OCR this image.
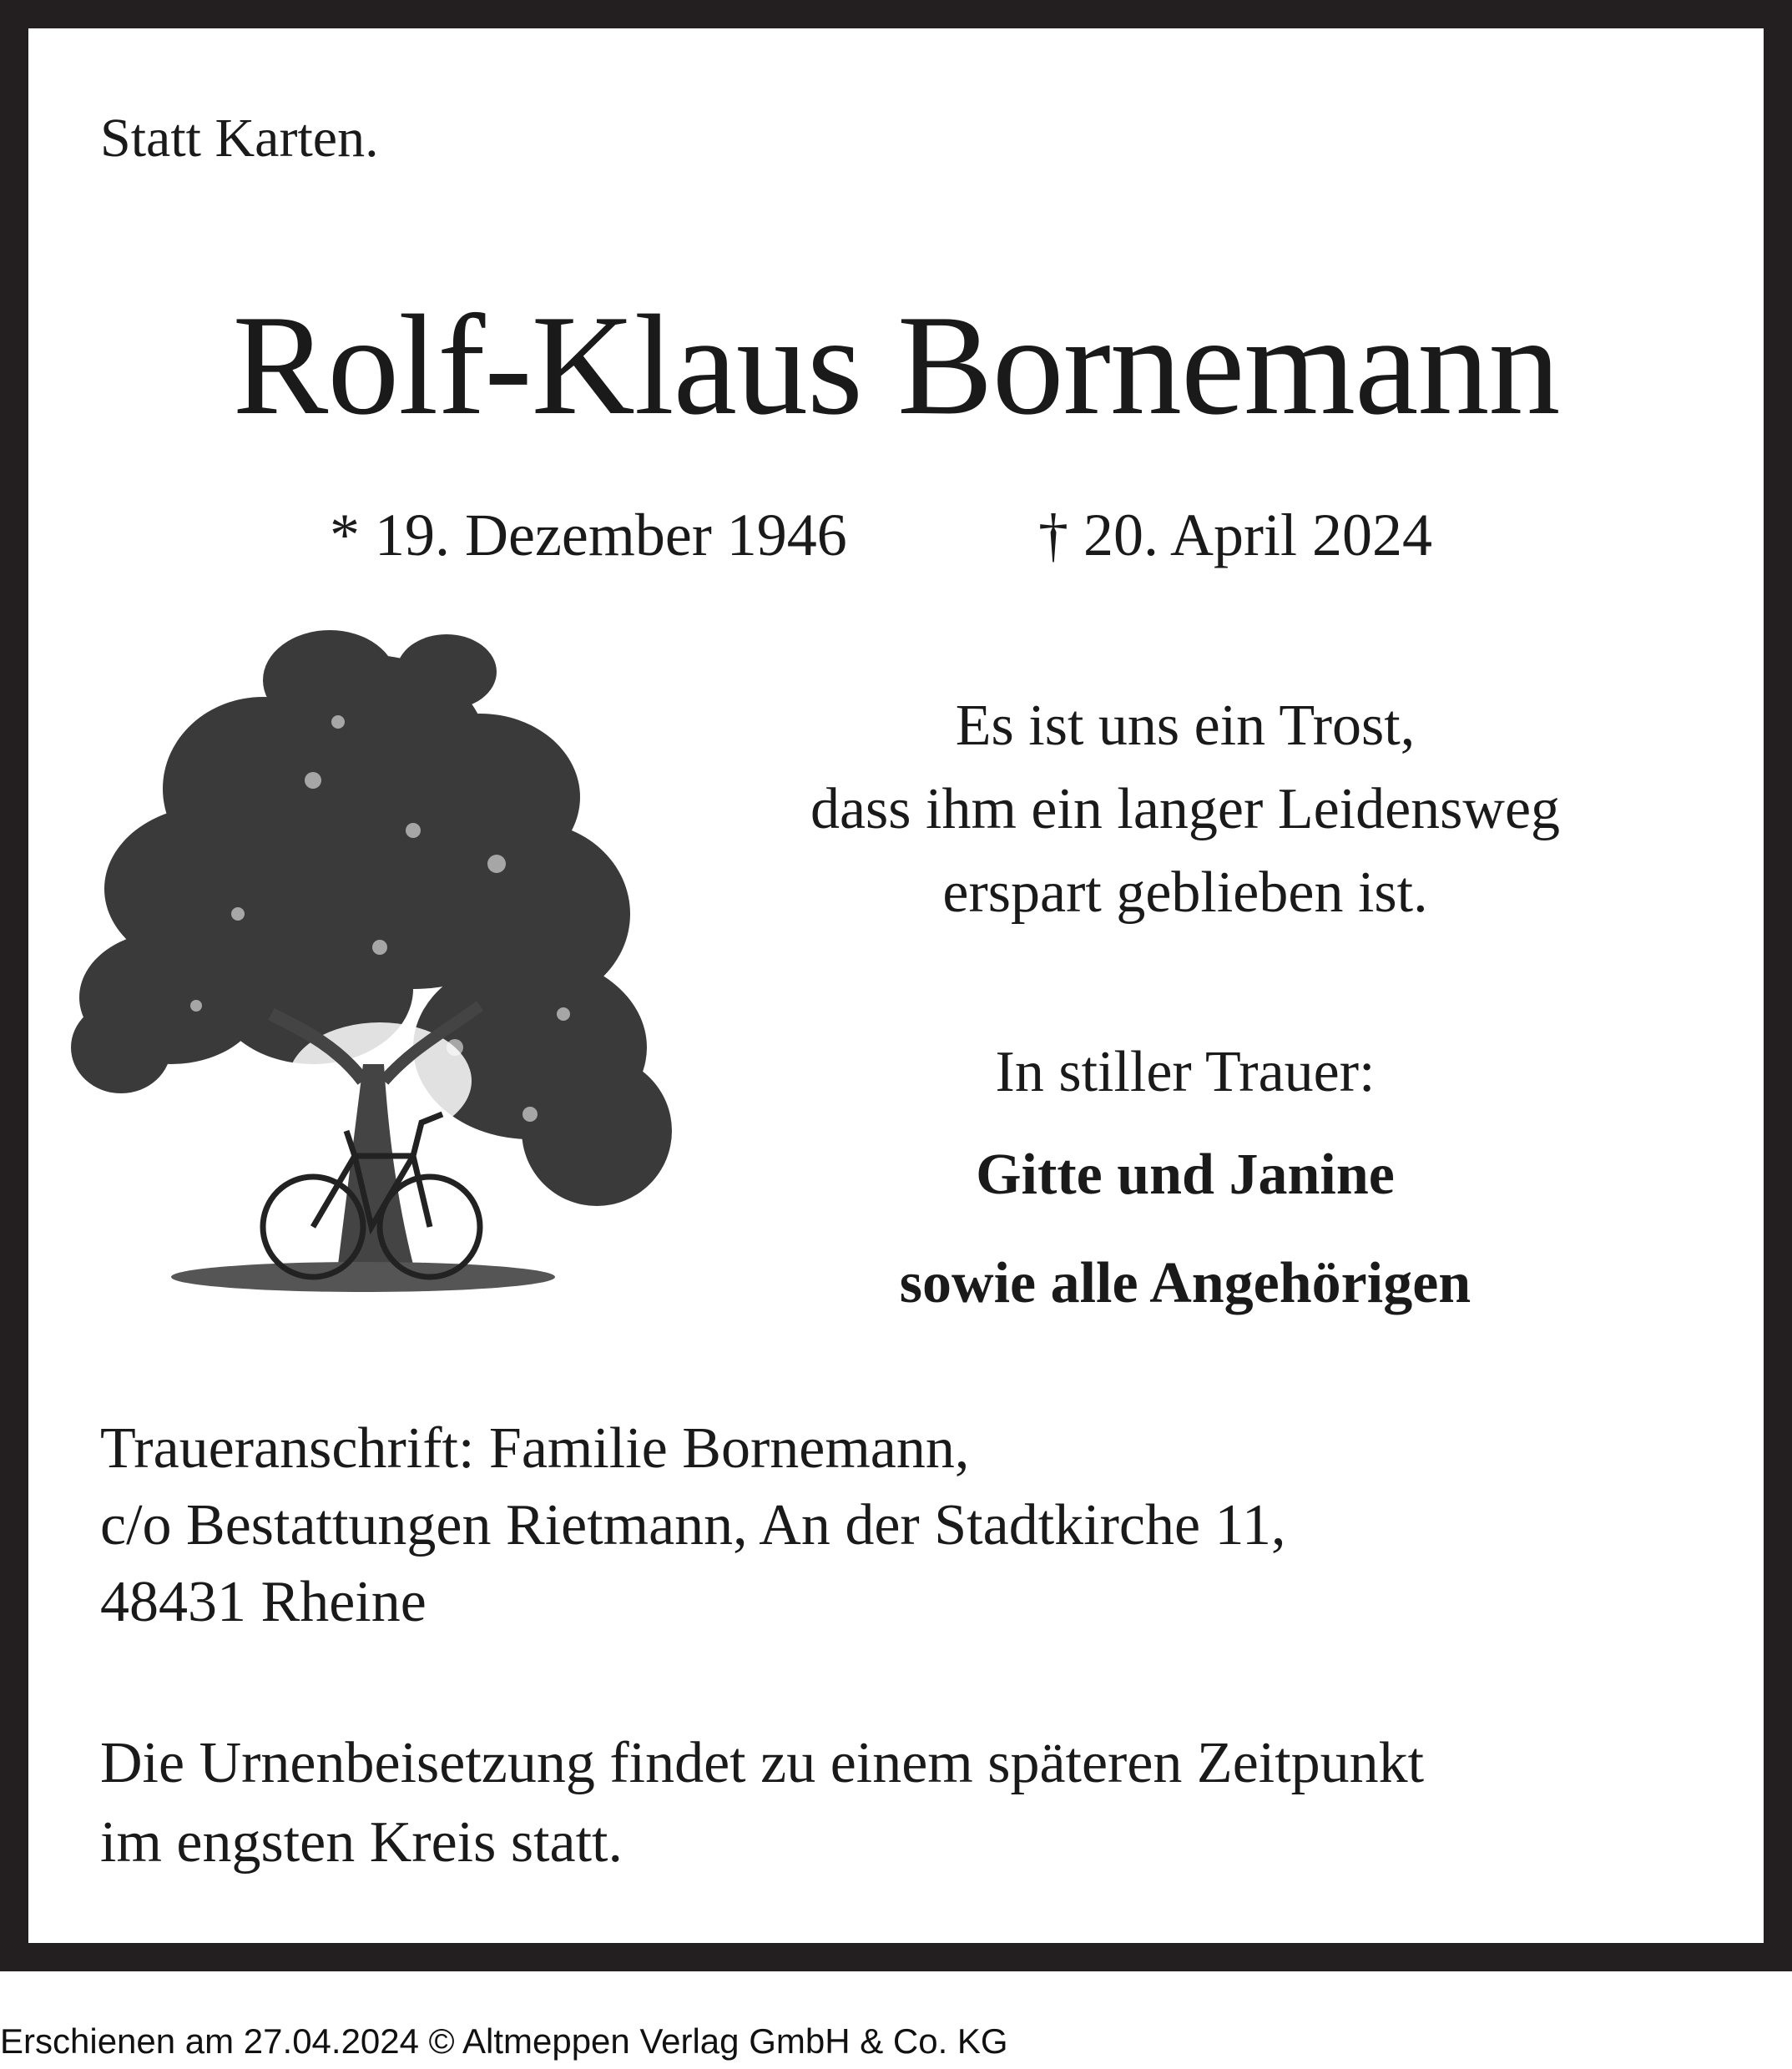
Statt Karten.
Rolf-Klaus Bornemann
* 19. Dezember 1946	† 20. April 2024
Es ist uns ein Trost,
dass ihm ein langer Leidensweg
erspart geblieben ist.
In stiller Trauer:
Gitte und Janine
sowie alle Angehörigen
Traueranschrift: Familie Bornemann,
c/o Bestattungen Rietmann, An der Stadtkirche 11,
48431 Rheine
Die Urnenbeisetzung findet zu einem späteren Zeitpunkt
im engsten Kreis statt.
Erschienen am 27.04.2024 © Altmeppen Verlag GmbH & Co. KG
